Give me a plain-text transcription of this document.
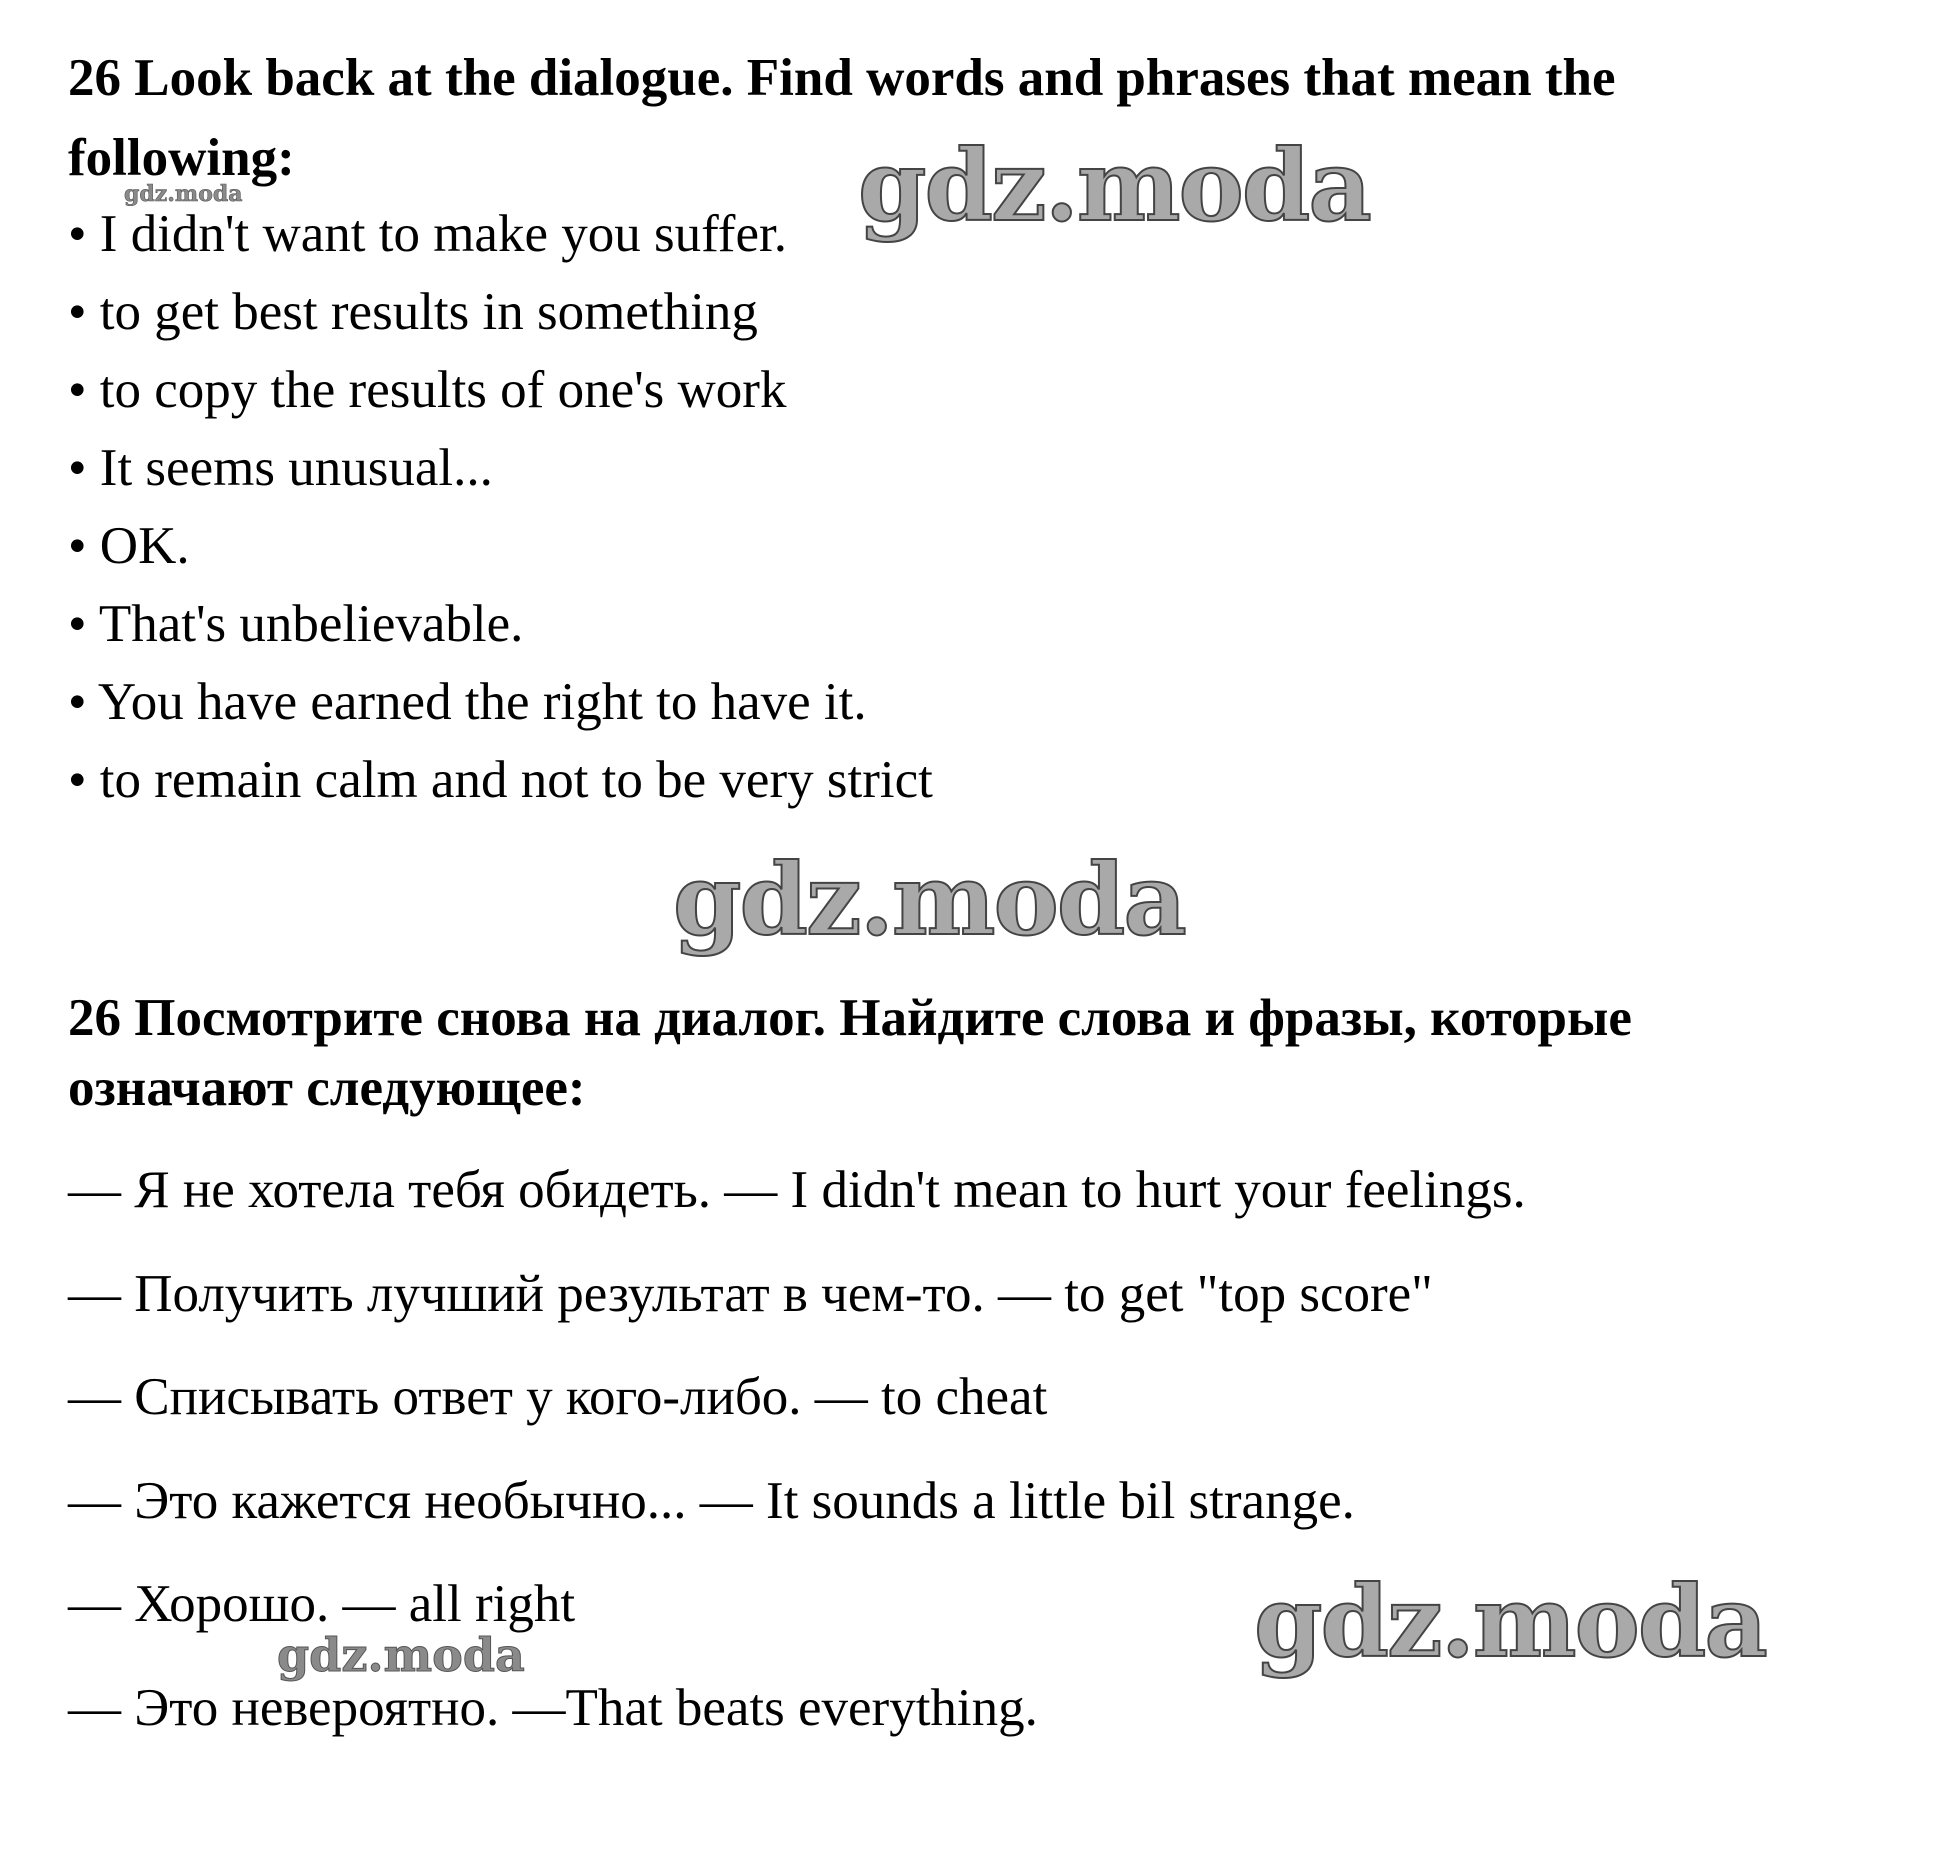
26 Look back at the dialogue. Find words and phrases that mean the
following:

• I didn't want to make you suffer.

• to get best results in something

• to copy the results of one's work

• It seems unusual...

• OK.

• That's unbelievable.

• You have earned the right to have it.

• to remain calm and not to be very strict

26 Посмотрите снова на диалог. Найдите слова и фразы, которые
означают следующее:

— Я не хотела тебя обидеть. — I didn't mean to hurt your feelings.

— Получить лучший результат в чем-то. — to get "top score"

— Списывать ответ у кого-либо. — to cheat

— Это кажется необычно... — It sounds a little bil strange.

— Хорошо. — all right

— Это невероятно. —That beats everything.

gdz.moda	gdz.moda
gdz.moda
gdz.moda	gdz.moda
